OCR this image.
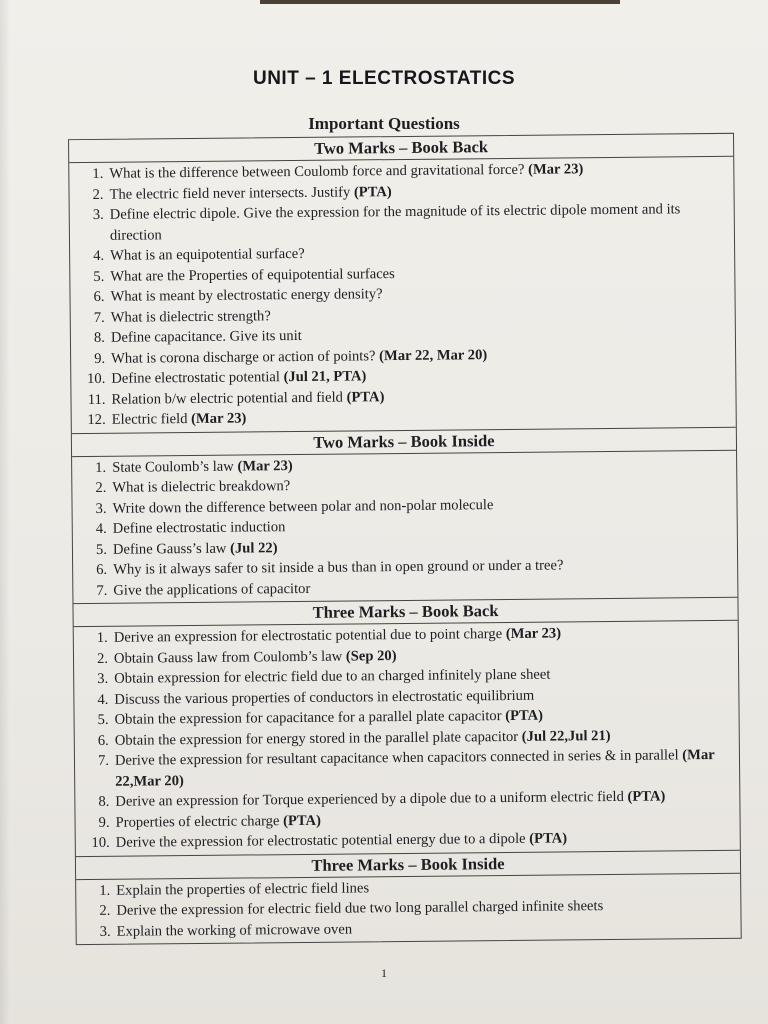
UNIT – 1 ELECTROSTATICS
Important Questions
Two Marks – Book Back
1. What is the difference between Coulomb force and gravitational force? (Mar 23)
2. The electric field never intersects. Justify (PTA)
3. Define electric dipole. Give the expression for the magnitude of its electric dipole moment and its direction
4. What is an equipotential surface?
5. What are the Properties of equipotential surfaces
6. What is meant by electrostatic energy density?
7. What is dielectric strength?
8. Define capacitance. Give its unit
9. What is corona discharge or action of points? (Mar 22, Mar 20)
10. Define electrostatic potential (Jul 21, PTA)
11. Relation b/w electric potential and field (PTA)
12. Electric field (Mar 23)
Two Marks – Book Inside
1. State Coulomb’s law (Mar 23)
2. What is dielectric breakdown?
3. Write down the difference between polar and non-polar molecule
4. Define electrostatic induction
5. Define Gauss’s law (Jul 22)
6. Why is it always safer to sit inside a bus than in open ground or under a tree?
7. Give the applications of capacitor
Three Marks – Book Back
1. Derive an expression for electrostatic potential due to point charge (Mar 23)
2. Obtain Gauss law from Coulomb’s law (Sep 20)
3. Obtain expression for electric field due to an charged infinitely plane sheet
4. Discuss the various properties of conductors in electrostatic equilibrium
5. Obtain the expression for capacitance for a parallel plate capacitor (PTA)
6. Obtain the expression for energy stored in the parallel plate capacitor (Jul 22,Jul 21)
7. Derive the expression for resultant capacitance when capacitors connected in series & in parallel (Mar 22,Mar 20)
8. Derive an expression for Torque experienced by a dipole due to a uniform electric field (PTA)
9. Properties of electric charge (PTA)
10. Derive the expression for electrostatic potential energy due to a dipole (PTA)
Three Marks – Book Inside
1. Explain the properties of electric field lines
2. Derive the expression for electric field due two long parallel charged infinite sheets
3. Explain the working of microwave oven
1
